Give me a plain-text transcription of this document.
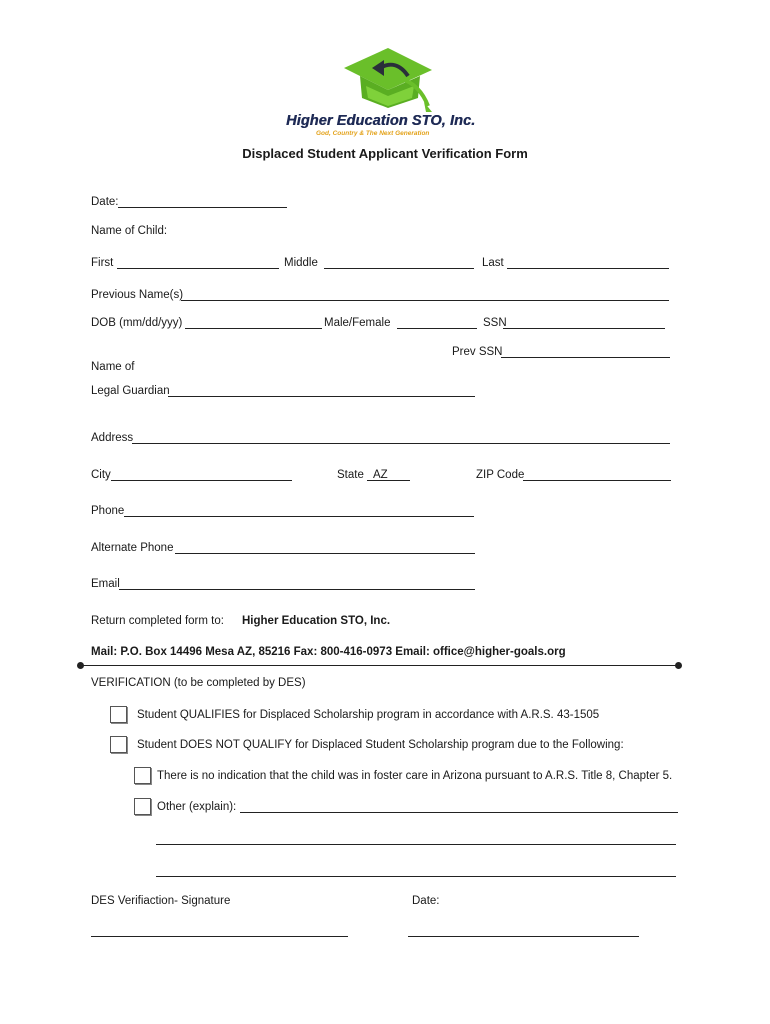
Higher Education STO, Inc.
God, Country & The Next Generation
Displaced Student Applicant Verification Form
Date:
Name of Child:
First	Middle	Last
Previous Name(s)
DOB (mm/dd/yyy)	Male/Female	SSN
Prev SSN
Name of
Legal Guardian
Address
City	State AZ	ZIP Code
Phone
Alternate Phone
Email
Return completed form to: Higher Education STO, Inc.
Mail: P.O. Box 14496 Mesa AZ, 85216 Fax: 800-416-0973 Email: office@higher-goals.org
VERIFICATION (to be completed by DES)
Student QUALIFIES for Displaced Scholarship program in accordance with A.R.S. 43-1505
Student DOES NOT QUALIFY for Displaced Student Scholarship program due to the Following:
There is no indication that the child was in foster care in Arizona pursuant to A.R.S. Title 8, Chapter 5.
Other (explain):
DES Verifiaction- Signature	Date:
